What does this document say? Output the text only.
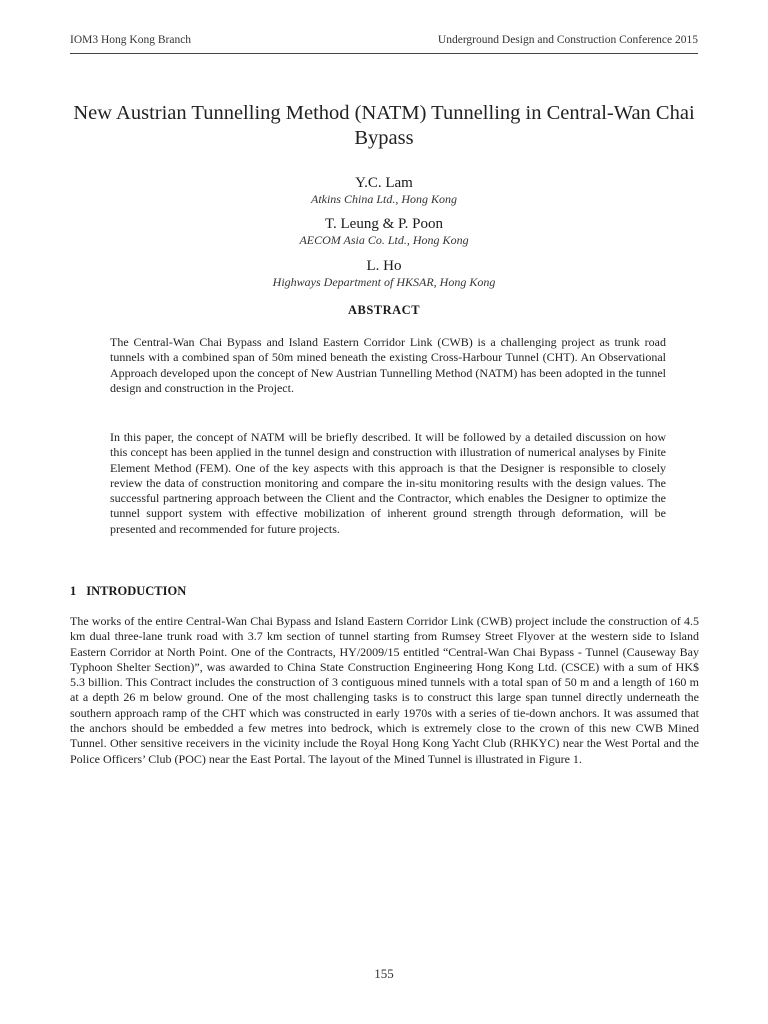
IOM3 Hong Kong Branch	Underground Design and Construction Conference 2015
New Austrian Tunnelling Method (NATM) Tunnelling in Central-Wan Chai Bypass
Y.C. Lam
Atkins China Ltd., Hong Kong
T. Leung & P. Poon
AECOM Asia Co. Ltd., Hong Kong
L. Ho
Highways Department of HKSAR, Hong Kong
ABSTRACT
The Central-Wan Chai Bypass and Island Eastern Corridor Link (CWB) is a challenging project as trunk road tunnels with a combined span of 50m mined beneath the existing Cross-Harbour Tunnel (CHT). An Observational Approach developed upon the concept of New Austrian Tunnelling Method (NATM) has been adopted in the tunnel design and construction in the Project.
In this paper, the concept of NATM will be briefly described. It will be followed by a detailed discussion on how this concept has been applied in the tunnel design and construction with illustration of numerical analyses by Finite Element Method (FEM). One of the key aspects with this approach is that the Designer is responsible to closely review the data of construction monitoring and compare the in-situ monitoring results with the design values. The successful partnering approach between the Client and the Contractor, which enables the Designer to optimize the tunnel support system with effective mobilization of inherent ground strength through deformation, will be presented and recommended for future projects.
1 INTRODUCTION
The works of the entire Central-Wan Chai Bypass and Island Eastern Corridor Link (CWB) project include the construction of 4.5 km dual three-lane trunk road with 3.7 km section of tunnel starting from Rumsey Street Flyover at the western side to Island Eastern Corridor at North Point. One of the Contracts, HY/2009/15 entitled “Central-Wan Chai Bypass - Tunnel (Causeway Bay Typhoon Shelter Section)”, was awarded to China State Construction Engineering Hong Kong Ltd. (CSCE) with a sum of HK$ 5.3 billion. This Contract includes the construction of 3 contiguous mined tunnels with a total span of 50 m and a length of 160 m at a depth 26 m below ground. One of the most challenging tasks is to construct this large span tunnel directly underneath the southern approach ramp of the CHT which was constructed in early 1970s with a series of tie-down anchors. It was assumed that the anchors should be embedded a few metres into bedrock, which is extremely close to the crown of this new CWB Mined Tunnel. Other sensitive receivers in the vicinity include the Royal Hong Kong Yacht Club (RHKYC) near the West Portal and the Police Officers’ Club (POC) near the East Portal. The layout of the Mined Tunnel is illustrated in Figure 1.
155
